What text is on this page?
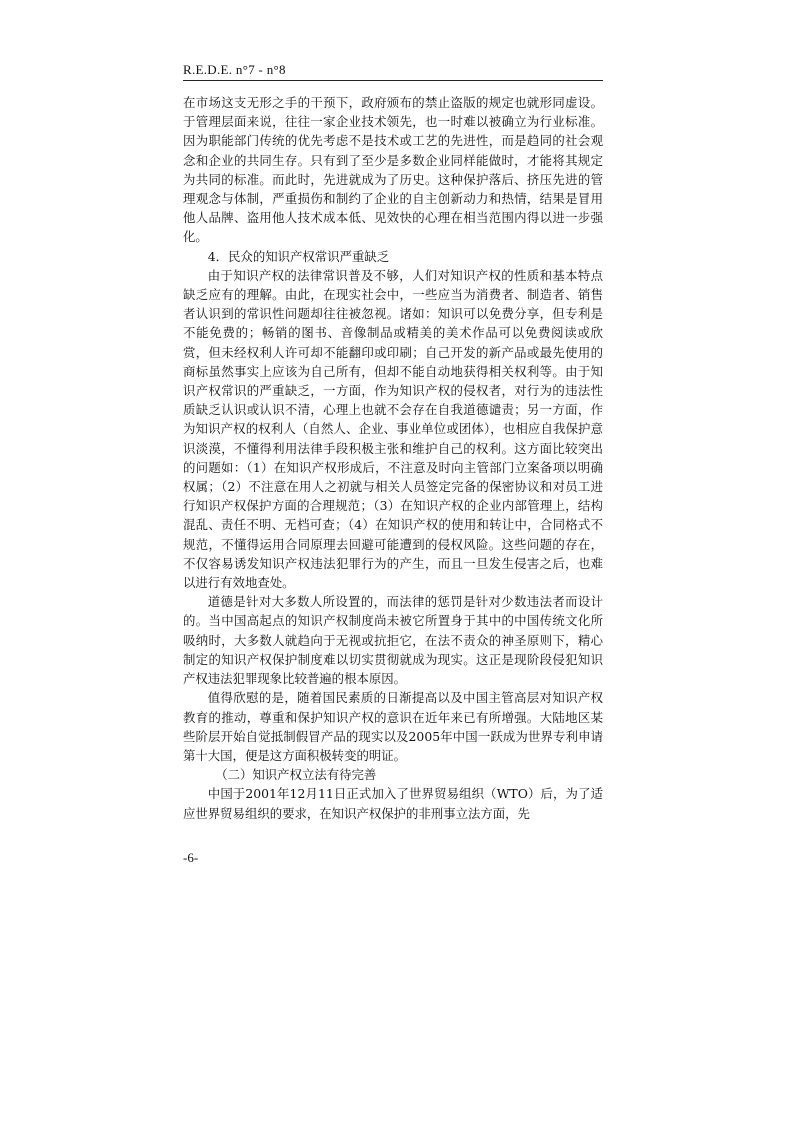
R.E.D.E. n°7 - n°8

在市场这支无形之手的干预下，政府颁布的禁止盗版的规定也就形同虚设。于管理层面来说，往往一家企业技术领先，也一时难以被确立为行业标准。因为职能部门传统的优先考虑不是技术或工艺的先进性，而是趋同的社会观念和企业的共同生存。只有到了至少是多数企业同样能做时，才能将其规定为共同的标准。而此时，先进就成为了历史。这种保护落后、挤压先进的管理观念与体制，严重损伤和制约了企业的自主创新动力和热情，结果是冒用他人品牌、盗用他人技术成本低、见效快的心理在相当范围内得以进一步强化。

4．民众的知识产权常识严重缺乏

由于知识产权的法律常识普及不够，人们对知识产权的性质和基本特点缺乏应有的理解。由此，在现实社会中，一些应当为消费者、制造者、销售者认识到的常识性问题却往往被忽视。诸如：知识可以免费分享，但专利是不能免费的；畅销的图书、音像制品或精美的美术作品可以免费阅读或欣赏，但未经权利人许可却不能翻印或印刷；自己开发的新产品或最先使用的商标虽然事实上应该为自己所有，但却不能自动地获得相关权利等。由于知识产权常识的严重缺乏，一方面，作为知识产权的侵权者，对行为的违法性质缺乏认识或认识不清，心理上也就不会存在自我道德谴责；另一方面，作为知识产权的权利人（自然人、企业、事业单位或团体），也相应自我保护意识淡漠，不懂得利用法律手段积极主张和维护自己的权利。这方面比较突出的问题如：（1）在知识产权形成后，不注意及时向主管部门立案备项以明确权属；（2）不注意在用人之初就与相关人员签定完备的保密协议和对员工进行知识产权保护方面的合理规范；（3）在知识产权的企业内部管理上，结构混乱、责任不明、无档可查；（4）在知识产权的使用和转让中，合同格式不规范，不懂得运用合同原理去回避可能遭到的侵权风险。这些问题的存在，不仅容易诱发知识产权违法犯罪行为的产生，而且一旦发生侵害之后，也难以进行有效地查处。

道德是针对大多数人所设置的，而法律的惩罚是针对少数违法者而设计的。当中国高起点的知识产权制度尚未被它所置身于其中的中国传统文化所吸纳时，大多数人就趋向于无视或抗拒它，在法不责众的神圣原则下，精心制定的知识产权保护制度难以切实贯彻就成为现实。这正是现阶段侵犯知识产权违法犯罪现象比较普遍的根本原因。

值得欣慰的是，随着国民素质的日渐提高以及中国主管高层对知识产权教育的推动，尊重和保护知识产权的意识在近年来已有所增强。大陆地区某些阶层开始自觉抵制假冒产品的现实以及2005年中国一跃成为世界专利申请第十大国，便是这方面积极转变的明证。

（二）知识产权立法有待完善

中国于2001年12月11日正式加入了世界贸易组织（WTO）后，为了适应世界贸易组织的要求，在知识产权保护的非刑事立法方面，先

-6-
